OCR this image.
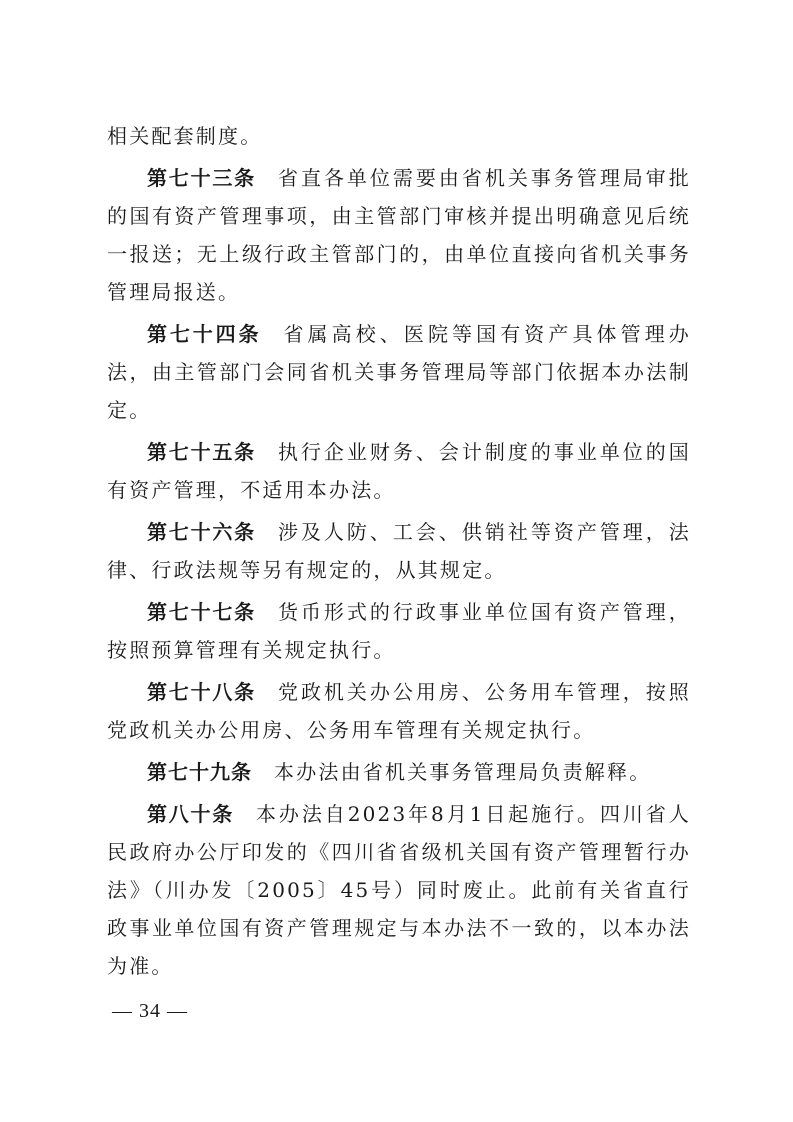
相关配套制度。

第七十三条 省直各单位需要由省机关事务管理局审批的国有资产管理事项，由主管部门审核并提出明确意见后统一报送；无上级行政主管部门的，由单位直接向省机关事务管理局报送。

第七十四条 省属高校、医院等国有资产具体管理办法，由主管部门会同省机关事务管理局等部门依据本办法制定。

第七十五条 执行企业财务、会计制度的事业单位的国有资产管理，不适用本办法。

第七十六条 涉及人防、工会、供销社等资产管理，法律、行政法规等另有规定的，从其规定。

第七十七条 货币形式的行政事业单位国有资产管理，按照预算管理有关规定执行。

第七十八条 党政机关办公用房、公务用车管理，按照党政机关办公用房、公务用车管理有关规定执行。

第七十九条 本办法由省机关事务管理局负责解释。

第八十条 本办法自2023年8月1日起施行。四川省人民政府办公厅印发的《四川省省级机关国有资产管理暂行办法》（川办发〔2005〕45号）同时废止。此前有关省直行政事业单位国有资产管理规定与本办法不一致的，以本办法为准。

— 34 —
